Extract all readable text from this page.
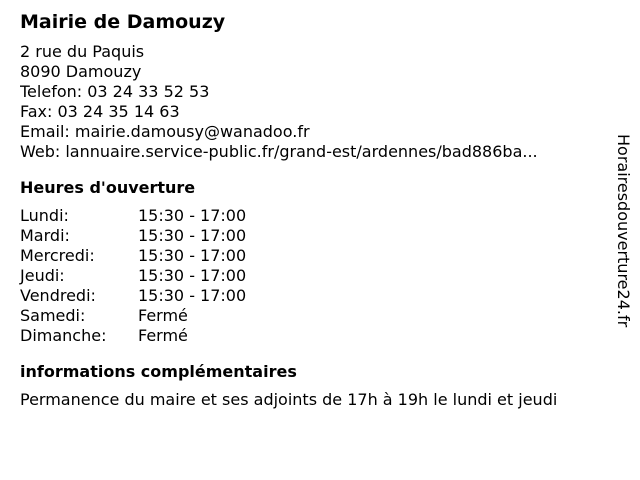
Mairie de Damouzy
2 rue du Paquis
8090 Damouzy
Telefon: 03 24 33 52 53
Fax: 03 24 35 14 63
Email: mairie.damousy@wanadoo.fr
Web: lannuaire.service-public.fr/grand-est/ardennes/bad886ba...
Heures d'ouverture
Lundi:	15:30 - 17:00
Mardi:	15:30 - 17:00
Mercredi:	15:30 - 17:00
Jeudi:	15:30 - 17:00
Vendredi:	15:30 - 17:00
Samedi:	Fermé
Dimanche:	Fermé
informations complémentaires
Permanence du maire et ses adjoints de 17h à 19h le lundi et jeudi
Horairesdouverture24.fr
